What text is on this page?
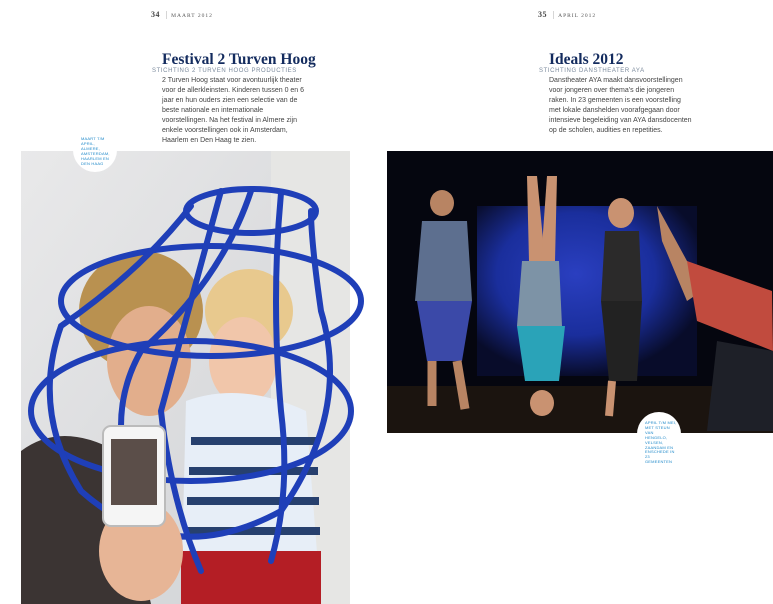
34 | MAART 2012
Festival 2 Turven Hoog

STICHTING 2 TURVEN HOOG PRODUCTIES

2 Turven Hoog staat voor avontuurlijk theater voor de allerkleinsten. Kinderen tussen 0 en 6 jaar en hun ouders zien een selectie van de beste nationale en internationale voorstellingen. Na het festival in Almere zijn enkele voorstellingen ook in Amsterdam, Haarlem en Den Haag te zien.

MAART T/M APRIL, ALMERE, AMSTERDAM, HAARLEM EN DEN HAAG
35 | APRIL 2012
Ideals 2012

STICHTING DANSTHEATER AYA

Danstheater AYA maakt dansvoorstellingen voor jongeren over thema's die jongeren raken. In 23 gemeenten is een voorstelling met lokale danshelden voorafgegaan door intensieve begeleiding van AYA dansdocenten op de scholen, audities en repetities.

APRIL T/M MEI, MET STEUN VAN HENGELO, VELSEN, ZAANDAM EN ENSCHEDE IN 23 GEMEENTEN
